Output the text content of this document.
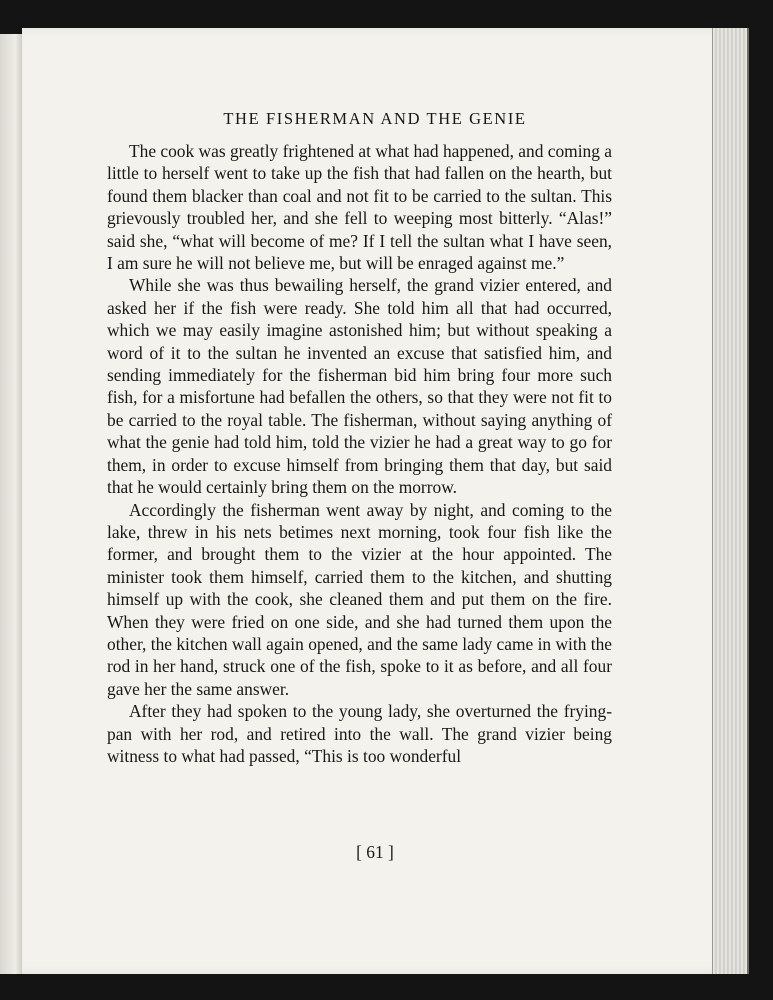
THE FISHERMAN AND THE GENIE

The cook was greatly frightened at what had happened, and coming a little to herself went to take up the fish that had fallen on the hearth, but found them blacker than coal and not fit to be carried to the sultan. This grievously troubled her, and she fell to weeping most bitterly. “Alas!” said she, “what will become of me? If I tell the sultan what I have seen, I am sure he will not believe me, but will be enraged against me.”

While she was thus bewailing herself, the grand vizier entered, and asked her if the fish were ready. She told him all that had occurred, which we may easily imagine astonished him; but without speaking a word of it to the sultan he invented an excuse that satisfied him, and sending immediately for the fisherman bid him bring four more such fish, for a misfortune had befallen the others, so that they were not fit to be carried to the royal table. The fisherman, without saying anything of what the genie had told him, told the vizier he had a great way to go for them, in order to excuse himself from bringing them that day, but said that he would certainly bring them on the morrow.

Accordingly the fisherman went away by night, and coming to the lake, threw in his nets betimes next morning, took four fish like the former, and brought them to the vizier at the hour appointed. The minister took them himself, carried them to the kitchen, and shutting himself up with the cook, she cleaned them and put them on the fire. When they were fried on one side, and she had turned them upon the other, the kitchen wall again opened, and the same lady came in with the rod in her hand, struck one of the fish, spoke to it as before, and all four gave her the same answer.

After they had spoken to the young lady, she overturned the frying-pan with her rod, and retired into the wall. The grand vizier being witness to what had passed, “This is too wonderful

[ 61 ]
